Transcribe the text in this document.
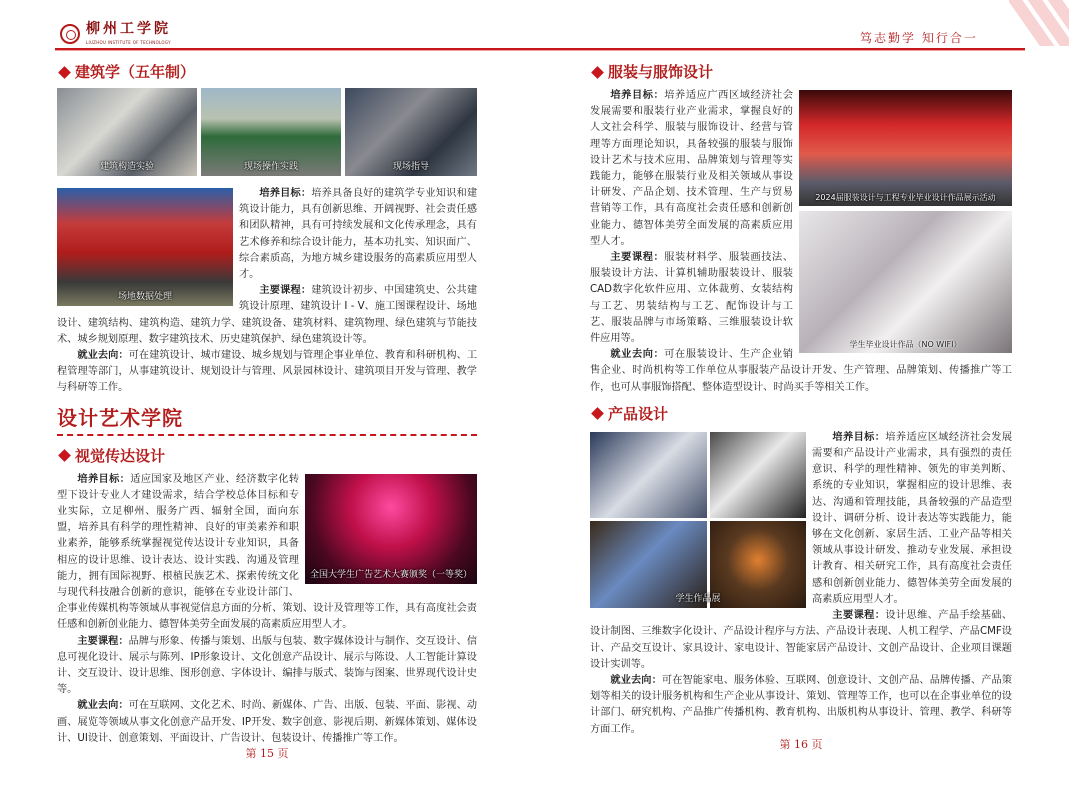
柳州工学院
LIUZHOU INSTITUTE OF TECHNOLOGY	笃志勤学 知行合一
建筑学（五年制）
建筑构造实验	现场操作实践	现场指导
场地数据处理
培养目标：培养具备良好的建筑学专业知识和建筑设计能力，具有创新思维、开阔视野、社会责任感和团队精神，具有可持续发展和文化传承理念，具有艺术修养和综合设计能力，基本功扎实、知识面广、综合素质高，为地方城乡建设服务的高素质应用型人才。
主要课程：建筑设计初步、中国建筑史、公共建筑设计原理、建筑设计 I - V、施工图课程设计、场地设计、建筑结构、建筑构造、建筑力学、建筑设备、建筑材料、建筑物理、绿色建筑与节能技术、城乡规划原理、数字建筑技术、历史建筑保护、绿色建筑设计等。
就业去向：可在建筑设计、城市建设、城乡规划与管理企事业单位、教育和科研机构、工程管理等部门，从事建筑设计、规划设计与管理、风景园林设计、建筑项目开发与管理、教学与科研等工作。
设计艺术学院
视觉传达设计
全国大学生广告艺术大赛颁奖（一等奖）
培养目标：适应国家及地区产业、经济数字化转型下设计专业人才建设需求，结合学校总体目标和专业实际，立足柳州、服务广西、辐射全国，面向东盟，培养具有科学的理性精神、良好的审美素养和职业素养，能够系统掌握视觉传达设计专业知识，具备相应的设计思维、设计表达、设计实践、沟通及管理能力，拥有国际视野、根植民族艺术、探索传统文化与现代科技融合创新的意识，能够在专业设计部门、企事业传媒机构等领域从事视觉信息方面的分析、策划、设计及管理等工作，具有高度社会责任感和创新创业能力、德智体美劳全面发展的高素质应用型人才。
主要课程：品牌与形象、传播与策划、出版与包装、数字媒体设计与制作、交互设计、信息可视化设计、展示与陈列、IP形象设计、文化创意产品设计、展示与陈设、人工智能计算设计、交互设计、设计思维、图形创意、字体设计、编排与版式、装饰与图案、世界现代设计史等。
就业去向：可在互联网、文化艺术、时尚、新媒体、广告、出版、包装、平面、影视、动画、展览等领域从事文化创意产品开发、IP开发、数字创意、影视后期、新媒体策划、媒体设计、UI设计、创意策划、平面设计、广告设计、包装设计、传播推广等工作。
第 15 页
服装与服饰设计
2024届服装设计与工程专业毕业设计作品展示活动
学生毕业设计作品（NO WIFI）
培养目标：培养适应广西区域经济社会发展需要和服装行业产业需求，掌握良好的人文社会科学、服装与服饰设计、经营与管理等方面理论知识，具备较强的服装与服饰设计艺术与技术应用、品牌策划与管理等实践能力，能够在服装行业及相关领域从事设计研发、产品企划、技术管理、生产与贸易营销等工作，具有高度社会责任感和创新创业能力、德智体美劳全面发展的高素质应用型人才。
主要课程：服装材料学、服装画技法、服装设计方法、计算机辅助服装设计、服装CAD数字化软件应用、立体裁剪、女装结构与工艺、男装结构与工艺、配饰设计与工艺、服装品牌与市场策略、三维服装设计软件应用等。
就业去向：可在服装设计、生产企业销售企业、时尚机构等工作单位从事服装产品设计开发、生产管理、品牌策划、传播推广等工作，也可从事服饰搭配、整体造型设计、时尚买手等相关工作。
产品设计
学生作品展
培养目标：培养适应区域经济社会发展需要和产品设计产业需求，具有强烈的责任意识、科学的理性精神、领先的审美判断、系统的专业知识，掌握相应的设计思维、表达、沟通和管理技能，具备较强的产品造型设计、调研分析、设计表达等实践能力，能够在文化创新、家居生活、工业产品等相关领域从事设计研发、推动专业发展、承担设计教育、相关研究工作，具有高度社会责任感和创新创业能力、德智体美劳全面发展的高素质应用型人才。
主要课程：设计思维、产品手绘基础、设计制图、三维数字化设计、产品设计程序与方法、产品设计表现、人机工程学、产品CMF设计、产品交互设计、家具设计、家电设计、智能家居产品设计、文创产品设计、企业项目课题设计实训等。
就业去向：可在智能家电、服务体验、互联网、创意设计、文创产品、品牌传播、产品策划等相关的设计服务机构和生产企业从事设计、策划、管理等工作，也可以在企事业单位的设计部门、研究机构、产品推广传播机构、教育机构、出版机构从事设计、管理、教学、科研等方面工作。
第 16 页
